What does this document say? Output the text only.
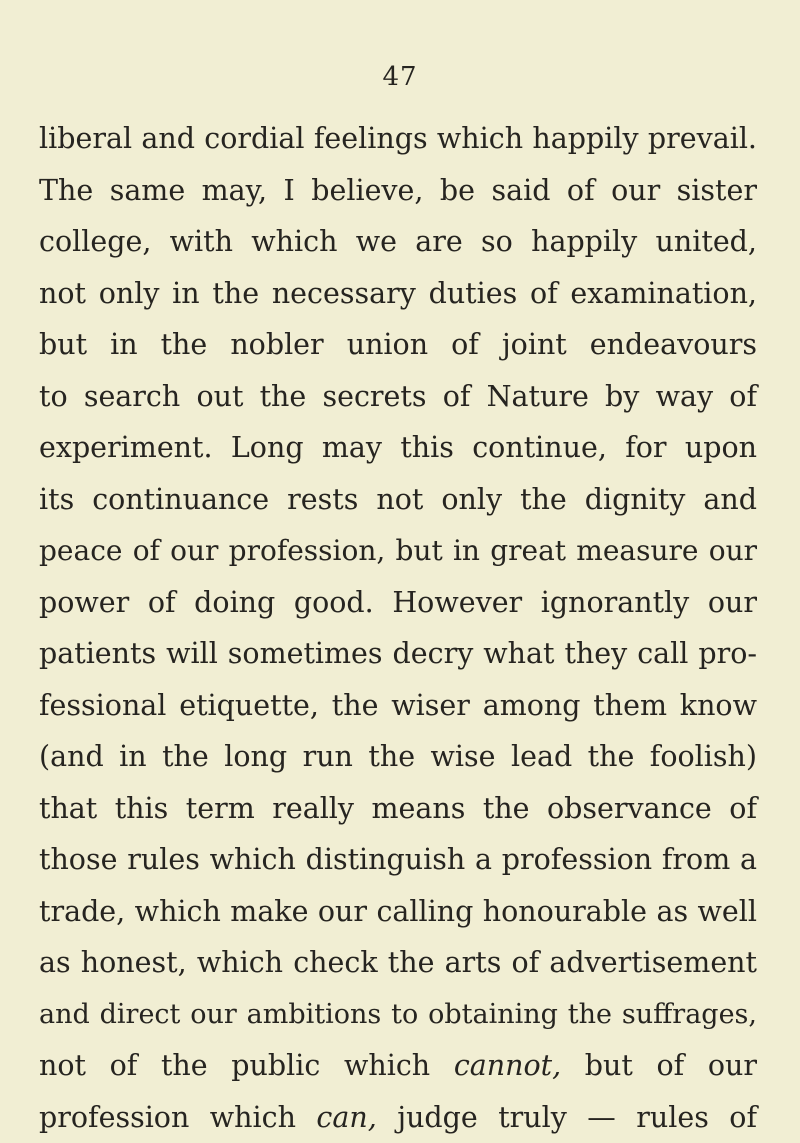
47
liberal and cordial feelings which happily prevail.
The same may, I believe, be said of our sister
college, with which we are so happily united,
not only in the necessary duties of examination,
but in the nobler union of joint endeavours
to search out the secrets of Nature by way of
experiment. Long may this continue, for upon
its continuance rests not only the dignity and
peace of our profession, but in great measure our
power of doing good. However ignorantly our
patients will sometimes decry what they call pro-
fessional etiquette, the wiser among them know
(and in the long run the wise lead the foolish)
that this term really means the observance of
those rules which distinguish a profession from a
trade, which make our calling honourable as well
as honest, which check the arts of advertisement
and direct our ambitions to obtaining the suffrages,
not of the public which cannot, but of our
profession which can, judge truly — rules of
